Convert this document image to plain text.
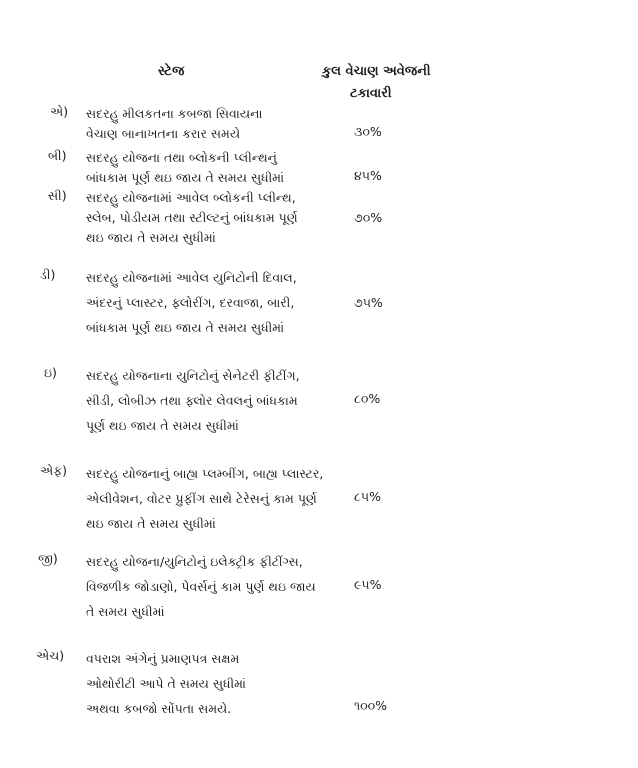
સ્ટેજ	કુલ વેચાણ અવેજની
ટકાવારી
એ) સદરહુ મીલકતના કબજા સિવાયના
વેચાણ બાનાખતના કરાર સમયે	૩૦%
બી) સદરહુ યોજના તથા બ્લોકની પ્લીન્થનું
બાંધકામ પૂર્ણ થઇ જાય તે સમય સુધીમાં	૪૫%
સી) સદરહુ યોજનામાં આવેલ બ્લોકની પ્લીન્થ,
સ્લેબ, પોડીયમ તથા સ્ટીલ્ટનું બાંધકામ પૂર્ણ
થઇ જાય તે સમય સુધીમાં
૭૦%
ડી) સદરહુ યોજનામાં આવેલ યુનિટોની દિવાલ,
અંદરનું પ્લાસ્ટર, ફ્લોરીંગ, દરવાજા, બારી,
બાંધકામ પૂર્ણ થઇ જાય તે સમય સુધીમાં
૭૫%
ઇ) સદરહુ યોજનાના યુનિટોનું સેનેટરી ફીટીંગ,
સીડી, લોબીઝ તથા ફ્લોર લેવલનું બાંધકામ
પૂર્ણ થઇ જાય તે સમય સુધીમાં
૮૦%
એફ) સદરહુ યોજનાનું બાહ્ય પ્લમ્બીંગ, બાહ્ય પ્લાસ્ટર,
એલીવેશન, વોટર પ્રુફીંગ સાથે ટેરેસનું કામ પૂર્ણ
થઇ જાય તે સમય સુધીમાં
૮૫%
જી) સદરહુ યોજના/યુનિટોનું ઇલેક્ટ્રીક ફીટીંગ્સ,
વિજળીક જોડાણો, પેવર્સનું કામ પુર્ણ થઇ જાય
તે સમય સુધીમાં
૯૫%
એચ) વપરાશ અંગેનું પ્રમાણપત્ર સક્ષમ
ઓથોરીટી આપે તે સમય સુધીમાં
અથવા કબજો સોંપતા સમયે.	૧૦૦%
